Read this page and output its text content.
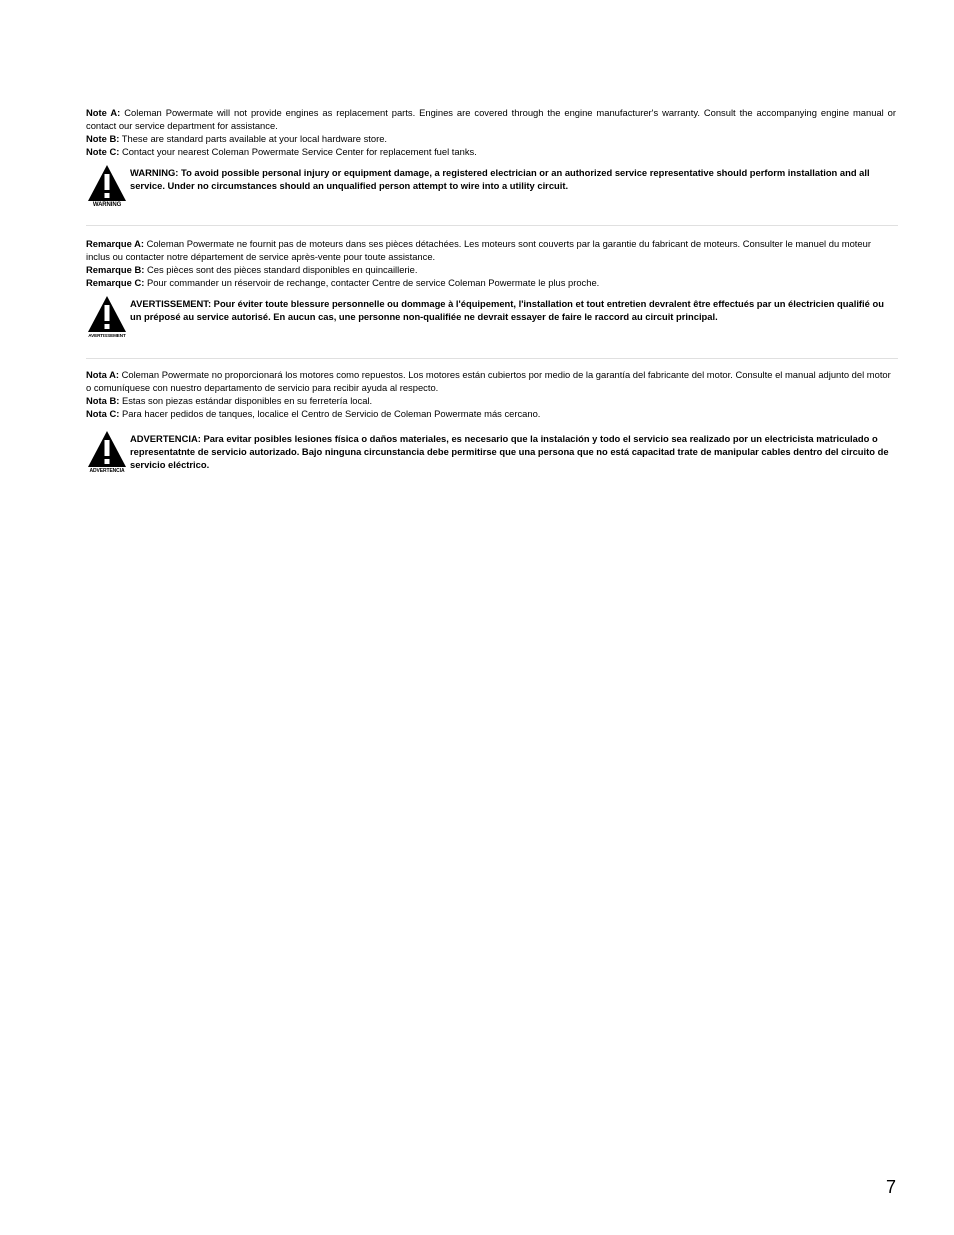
Note A: Coleman Powermate will not provide engines as replacement parts. Engines are covered through the engine manufacturer's warranty. Consult the accompanying engine manual or contact our service department for assistance.

Note B: These are standard parts available at your local hardware store.

Note C: Contact your nearest Coleman Powermate Service Center for replacement fuel tanks.

WARNING
WARNING: To avoid possible personal injury or equipment damage, a registered electrician or an authorized service representative should perform installation and all service. Under no circumstances should an unqualified person attempt to wire into a utility circuit.

Remarque A: Coleman Powermate ne fournit pas de moteurs dans ses pièces détachées. Les moteurs sont couverts par la garantie du fabricant de moteurs. Consulter le manuel du moteur inclus ou contacter notre département de service après-vente pour toute assistance.

Remarque B: Ces pièces sont des pièces standard disponibles en quincaillerie.

Remarque C: Pour commander un réservoir de rechange, contacter Centre de service Coleman Powermate le plus proche.

AVERTISSEMENT
AVERTISSEMENT: Pour éviter toute blessure personnelle ou dommage à l'équipement, l'installation et tout entretien devralent être effectués par un électricien qualifié ou un préposé au service autorisé. En aucun cas, une personne non-qualifiée ne devrait essayer de faire le raccord au circuit principal.

Nota A: Coleman Powermate no proporcionará los motores como repuestos. Los motores están cubiertos por medio de la garantía del fabricante del motor. Consulte el manual adjunto del motor o comuníquese con nuestro departamento de servicio para recibir ayuda al respecto.

Nota B: Estas son piezas estándar disponibles en su ferretería local.

Nota C: Para hacer pedidos de tanques, localice el Centro de Servicio de Coleman Powermate más cercano.

ADVERTENCIA
ADVERTENCIA: Para evitar posibles lesiones física o daños materiales, es necesario que la instalación y todo el servicio sea realizado por un electricista matriculado o representatnte de servicio autorizado. Bajo ninguna circunstancia debe permitirse que una persona que no está capacitad trate de manipular cables dentro del circuito de servicio eléctrico.
7
